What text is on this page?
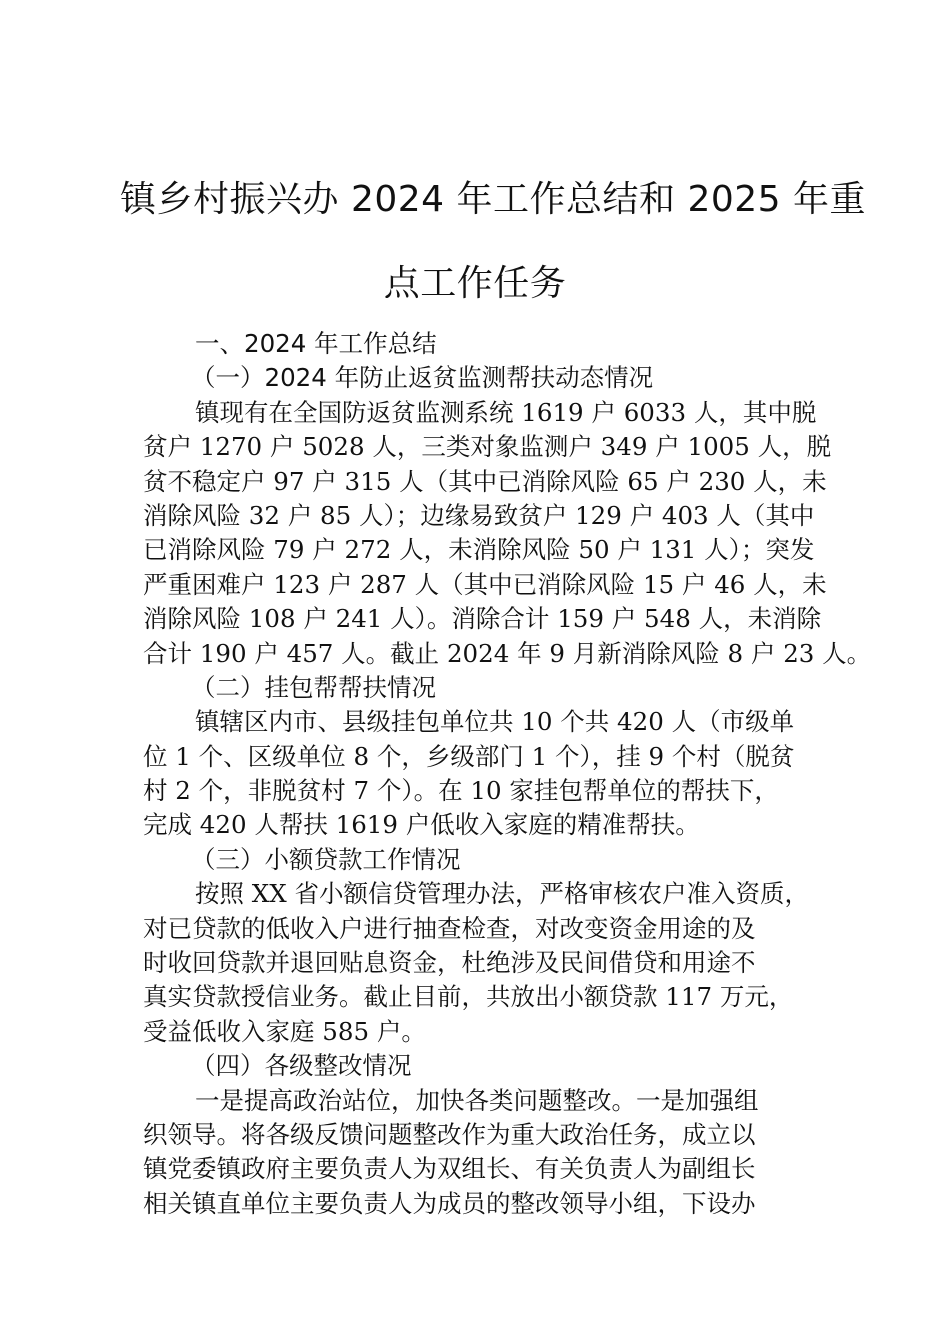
镇乡村振兴办 2024 年工作总结和 2025 年重
点工作任务
一、2024 年工作总结
（一）2024 年防止返贫监测帮扶动态情况
镇现有在全国防返贫监测系统 1619 户 6033 人，其中脱
贫户 1270 户 5028 人，三类对象监测户 349 户 1005 人，脱
贫不稳定户 97 户 315 人（其中已消除风险 65 户 230 人，未
消除风险 32 户 85 人）；边缘易致贫户 129 户 403 人（其中
已消除风险 79 户 272 人，未消除风险 50 户 131 人）；突发
严重困难户 123 户 287 人（其中已消除风险 15 户 46 人，未
消除风险 108 户 241 人）。消除合计 159 户 548 人，未消除
合计 190 户 457 人。截止 2024 年 9 月新消除风险 8 户 23 人。
（二）挂包帮帮扶情况
镇辖区内市、县级挂包单位共 10 个共 420 人（市级单
位 1 个、区级单位 8 个，乡级部门 1 个），挂 9 个村（脱贫
村 2 个，非脱贫村 7 个）。在 10 家挂包帮单位的帮扶下，
完成 420 人帮扶 1619 户低收入家庭的精准帮扶。
（三）小额贷款工作情况
按照 XX 省小额信贷管理办法，严格审核农户准入资质，
对已贷款的低收入户进行抽查检查，对改变资金用途的及
时收回贷款并退回贴息资金，杜绝涉及民间借贷和用途不
真实贷款授信业务。截止目前，共放出小额贷款 117 万元，
受益低收入家庭 585 户。
（四）各级整改情况
一是提高政治站位，加快各类问题整改。一是加强组
织领导。将各级反馈问题整改作为重大政治任务，成立以
镇党委镇政府主要负责人为双组长、有关负责人为副组长
相关镇直单位主要负责人为成员的整改领导小组，下设办
